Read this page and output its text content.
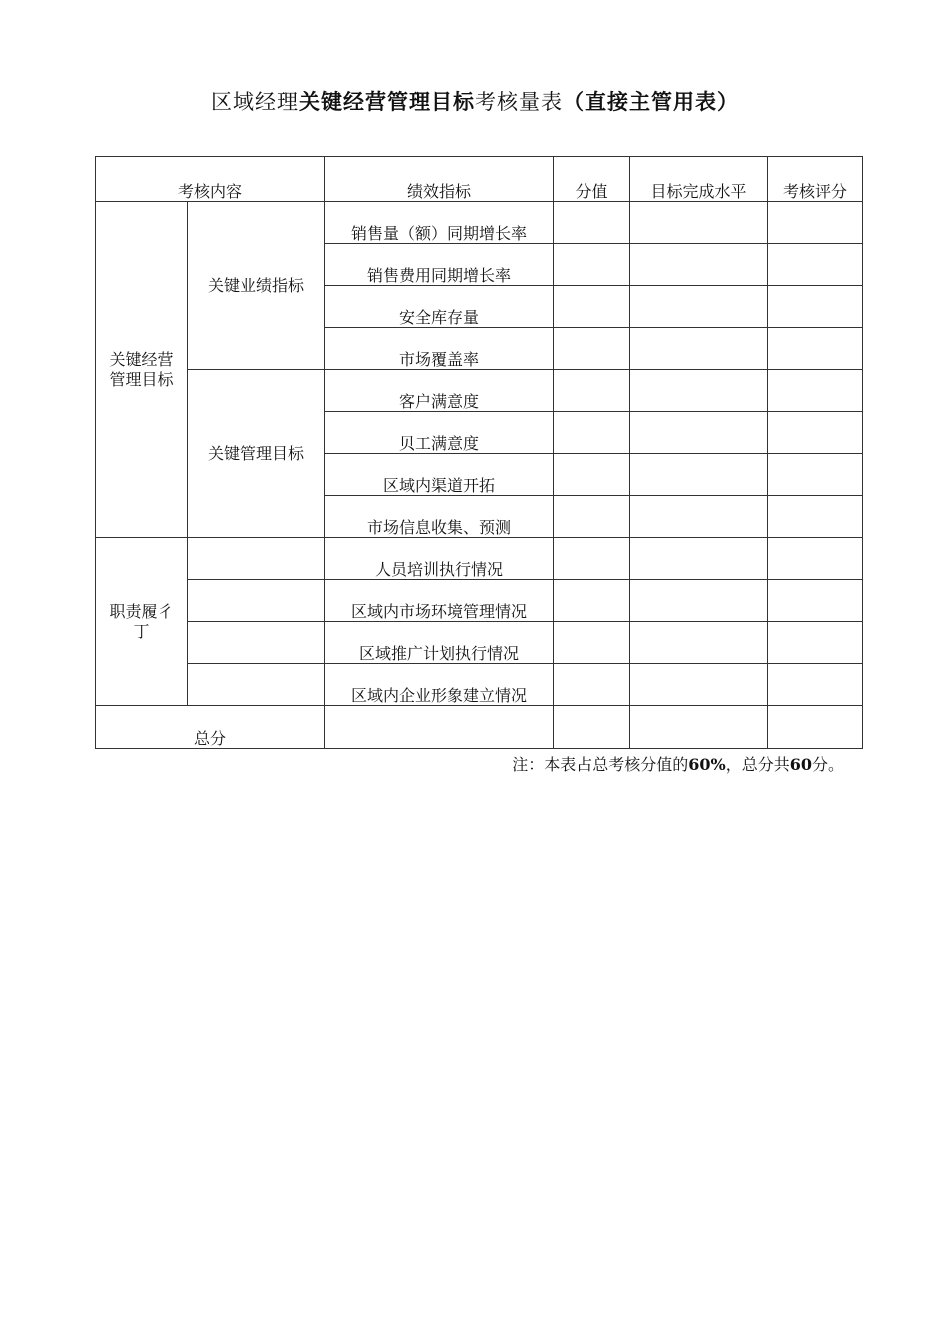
区域经理关键经营管理目标考核量表（直接主管用表）
考核内容		绩效指标	分值	目标完成水平	考核评分
关键经营管理目标	关键业绩指标	销售量（额）同期增长率			
		销售费用同期增长率			
		安全库存量			
		市场覆盖率			
	关键管理目标	客户满意度			
		贝工满意度			
		区域内渠道开拓			
		市场信息收集、预测			
职责履彳丁		人员培训执行情况			
		区域内市场环境管理情况			
		区域推广计划执行情况			
		区域内企业形象建立情况			
总分					
注：本表占总考核分值的60%，总分共60分。
